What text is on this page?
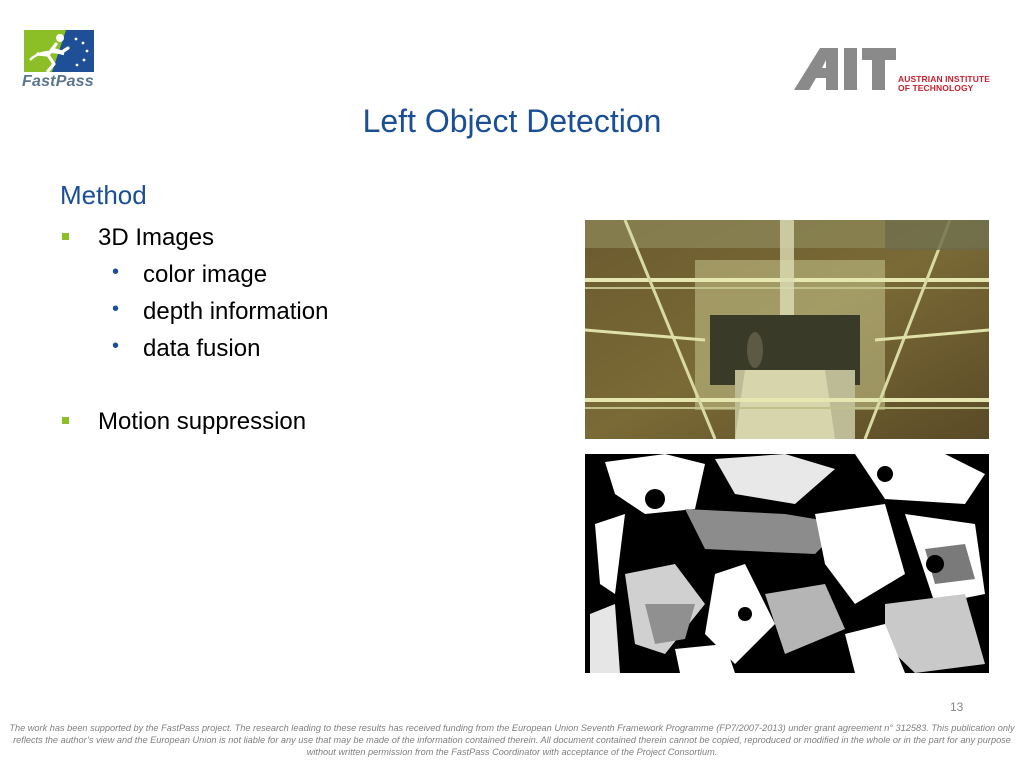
FastPass	AUSTRIAN INSTITUTE
OF TECHNOLOGY
Left Object Detection
Method
3D Images
• color image
• depth information
• data fusion
Motion suppression
13
The work has been supported by the FastPass project. The research leading to these results has received funding from the European Union Seventh Framework Programme (FP7/2007-2013) under grant agreement n° 312583. This publication only reflects the author’s view and the European Union is not liable for any use that may be made of the information contained therein. All document contained therein cannot be copied, reproduced or modified in the whole or in the part for any purpose without written permission from the FastPass Coordinator with acceptance of the Project Consortium.
